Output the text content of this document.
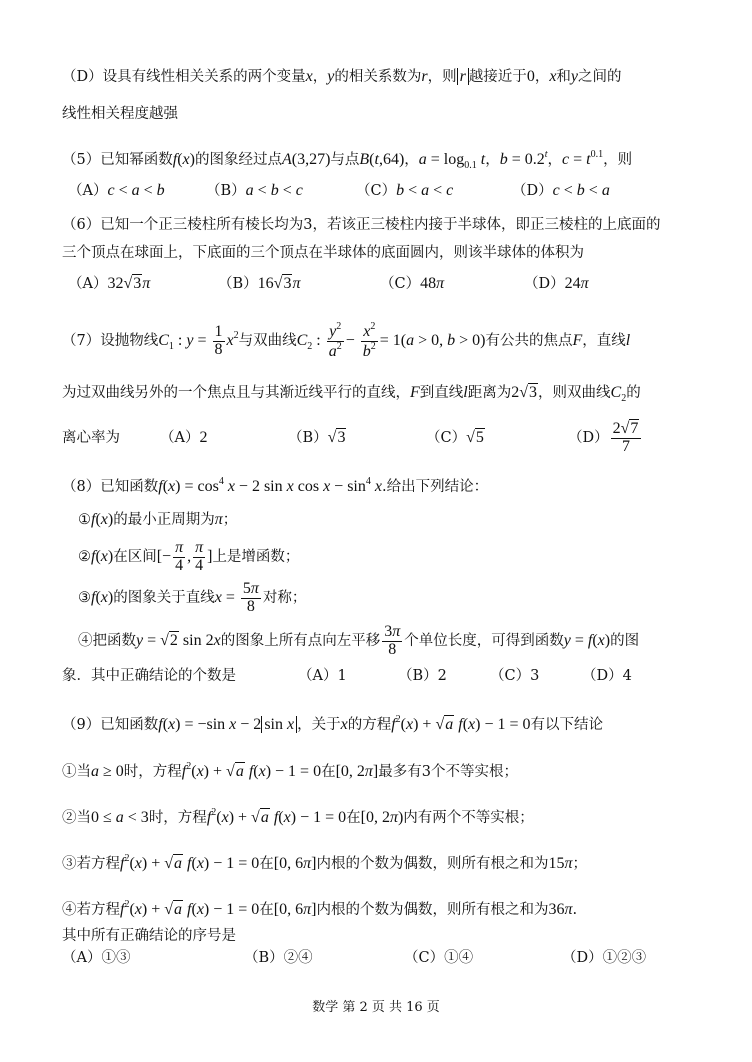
（D）设具有线性相关关系的两个变量x，y的相关系数为r，则 r 越接近于0，x和y之间的
线性相关程度越强
（5）已知幂函数f(x)的图象经过点A(3,27)与点B(t,64)，$a = \log_{0.1} t$，$b = 0.2^t$，$c = t^{0.1}$，则
（A）c < a < b	（B）a < b < c	（C）b < a < c	（D）c < b < a
（6）已知一个正三棱柱所有棱长均为3，若该正三棱柱内接于半球体，即正三棱柱的上底面的
三个顶点在球面上，下底面的三个顶点在半球体的底面圆内，则该半球体的体积为
（A）32√3π	（B）16√3π	（C）48π	（D）24π
（7）设抛物线$C_1$ : $y = \frac{1}{8} x^2$与双曲线$C_2$ : $\frac{y^2}{a^2} - \frac{x^2}{b^2} = 1(a > 0$, b > 0)有公共的焦点F，直线l
为过双曲线另外的一个焦点且与其渐近线平行的直线，F到直线l距离为2√3，则双曲线$C_2$的
离心率为	（A）2	（B）√3	（C）√5	$(D) \frac{2√7}{7}$
（8）已知函数$f(x) = \cos^4 x - 2$ sin x $\cos x - \sin^4 x$.给出下列结论：
①f(x)的最小正周期为π；
②f(x)在区间[− $\frac{\pi}{4}$ , $\frac{\pi}{4}$ ]上是增函数；
③f(x)的图象关于直线$x = \frac{5\pi}{8}$ 对称；
④把函数y = √2 sin 2x的图象上所有点向左平移 $\frac{3\pi}{8}$ 个单位长度，可得到函数y = f(x)的图
象．其中正确结论的个数是	（A）1	（B）2	（C）3	（D）4
（9）已知函数f(x) = −sin x − 2 sin x ，关于x的方程$f^2(x) + √a$ f(x) − 1 = 0有以下结论
①当a ≥ 0时，方程$f^2(x) + √a$ f(x) − 1 = 0在[0, 2π]最多有3个不等实根；
②当0 ≤ a < 3时，方程$f^2(x) + √a$ f(x) − 1 = 0在[0, 2π)内有两个不等实根；
③若方程$f^2(x) + √a$ f(x) − 1 = 0在[0, 6π]内根的个数为偶数，则所有根之和为15π；
④若方程$f^2(x) + √a$ f(x) − 1 = 0在[0, 6π]内根的个数为偶数，则所有根之和为36π.
其中所有正确结论的序号是
（A）①③	（B）②④	（C）①④	（D）①②③
数学 第 2 页 共 16 页
